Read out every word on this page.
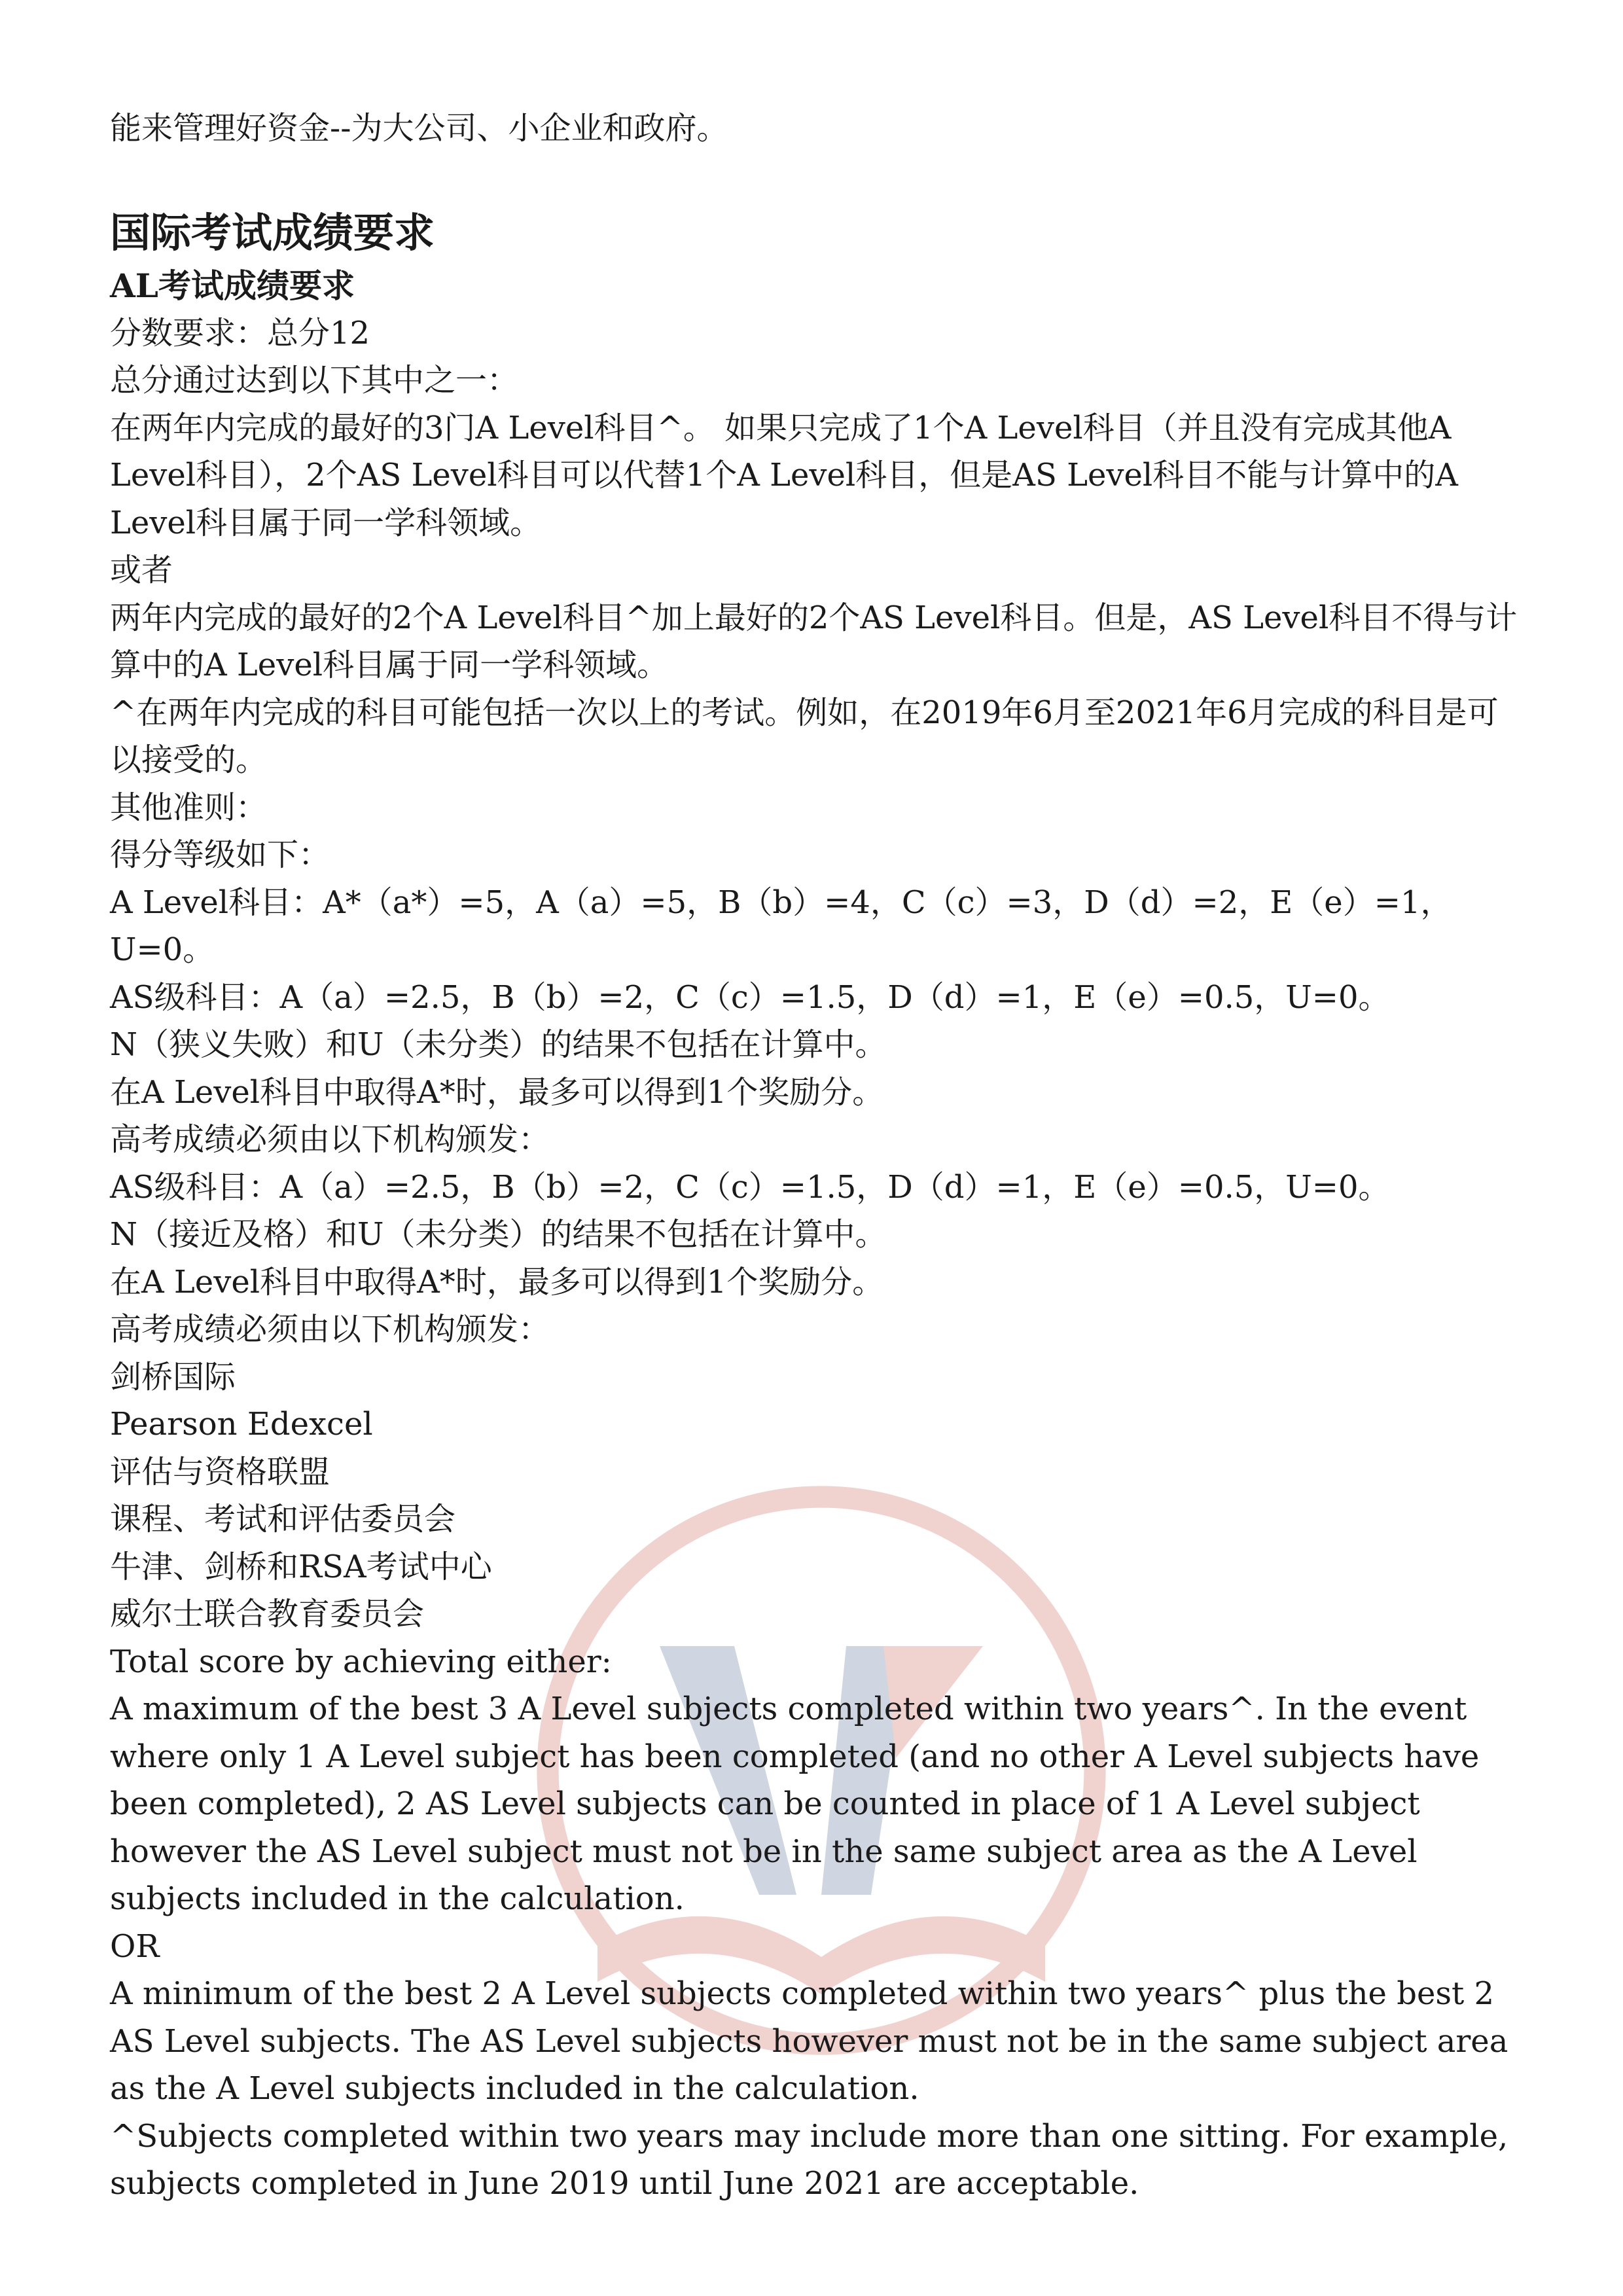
能来管理好资金--为大公司、小企业和政府。

国际考试成绩要求
AL考试成绩要求

分数要求：总分12

总分通过达到以下其中之一：

在两年内完成的最好的3门A Level科目^。 如果只完成了1个A Level科目（并且没有完成其他A Level科目），2个AS Level科目可以代替1个A Level科目，但是AS Level科目不能与计算中的A Level科目属于同一学科领域。

或者

两年内完成的最好的2个A Level科目^加上最好的2个AS Level科目。但是，AS Level科目不得与计算中的A Level科目属于同一学科领域。

^在两年内完成的科目可能包括一次以上的考试。例如，在2019年6月至2021年6月完成的科目是可以接受的。

其他准则：

得分等级如下：

A Level科目：A*（a*）=5，A（a）=5，B（b）=4，C（c）=3，D（d）=2，E（e）=1，U=0。

AS级科目：A（a）=2.5，B（b）=2，C（c）=1.5，D（d）=1，E（e）=0.5，U=0。

N（狭义失败）和U（未分类）的结果不包括在计算中。

在A Level科目中取得A*时，最多可以得到1个奖励分。

高考成绩必须由以下机构颁发：

AS级科目：A（a）=2.5，B（b）=2，C（c）=1.5，D（d）=1，E（e）=0.5，U=0。

N（接近及格）和U（未分类）的结果不包括在计算中。

在A Level科目中取得A*时，最多可以得到1个奖励分。

高考成绩必须由以下机构颁发：

剑桥国际

Pearson Edexcel

评估与资格联盟

课程、考试和评估委员会

牛津、剑桥和RSA考试中心

威尔士联合教育委员会

Total score by achieving either:

A maximum of the best 3 A Level subjects completed within two years^. In the event where only 1 A Level subject has been completed (and no other A Level subjects have been completed), 2 AS Level subjects can be counted in place of 1 A Level subject however the AS Level subject must not be in the same subject area as the A Level subjects included in the calculation.

OR

A minimum of the best 2 A Level subjects completed within two years^ plus the best 2 AS Level subjects. The AS Level subjects however must not be in the same subject area as the A Level subjects included in the calculation.

^Subjects completed within two years may include more than one sitting. For example, subjects completed in June 2019 until June 2021 are acceptable.
